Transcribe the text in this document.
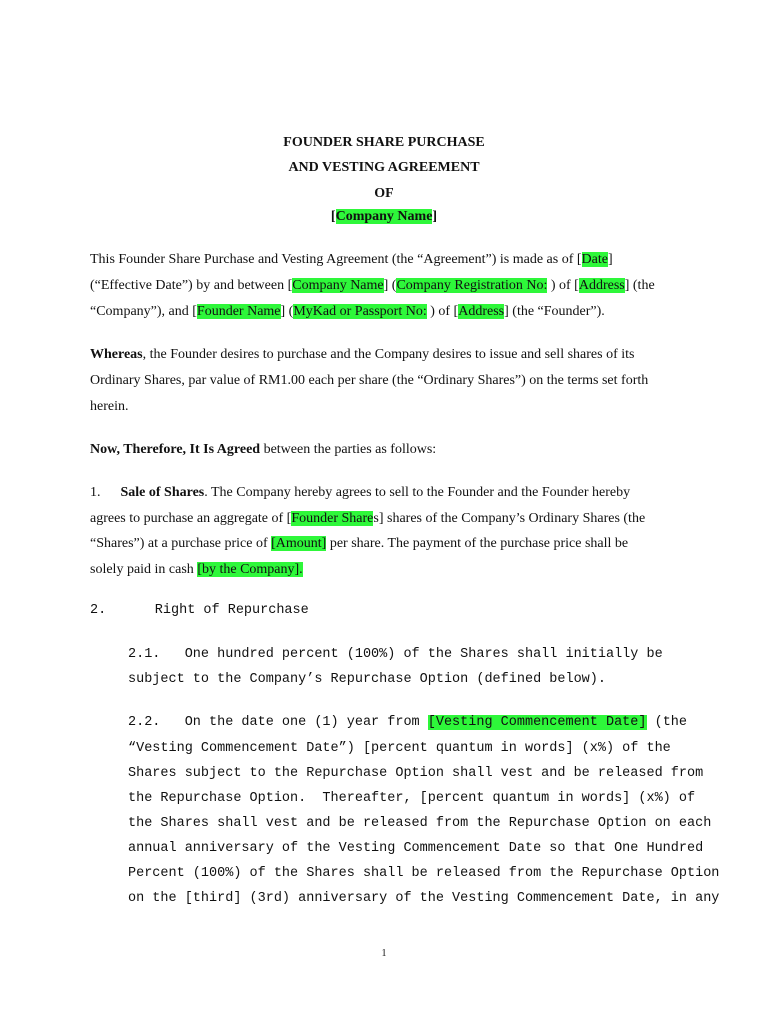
FOUNDER SHARE PURCHASE
AND VESTING AGREEMENT
OF
[Company Name]
This Founder Share Purchase and Vesting Agreement (the “Agreement”) is made as of [Date]
(“Effective Date”) by and between [Company Name] (Company Registration No: ) of [Address] (the
“Company”), and [Founder Name] (MyKad or Passport No: ) of [Address] (the “Founder”).
Whereas, the Founder desires to purchase and the Company desires to issue and sell shares of its
Ordinary Shares, par value of RM1.00 each per share (the “Ordinary Shares”) on the terms set forth
herein.
Now, Therefore, It Is Agreed between the parties as follows:
1. Sale of Shares. The Company hereby agrees to sell to the Founder and the Founder hereby
agrees to purchase an aggregate of [Founder Shares] shares of the Company’s Ordinary Shares (the
“Shares”) at a purchase price of [Amount] per share. The payment of the purchase price shall be
solely paid in cash [by the Company].
2.      Right of Repurchase
2.1.   One hundred percent (100%) of the Shares shall initially be
subject to the Company’s Repurchase Option (defined below).
2.2.   On the date one (1) year from [Vesting Commencement Date] (the
“Vesting Commencement Date”) [percent quantum in words] (x%) of the
Shares subject to the Repurchase Option shall vest and be released from
the Repurchase Option.  Thereafter, [percent quantum in words] (x%) of
the Shares shall vest and be released from the Repurchase Option on each
annual anniversary of the Vesting Commencement Date so that One Hundred
Percent (100%) of the Shares shall be released from the Repurchase Option
on the [third] (3rd) anniversary of the Vesting Commencement Date, in any
1
